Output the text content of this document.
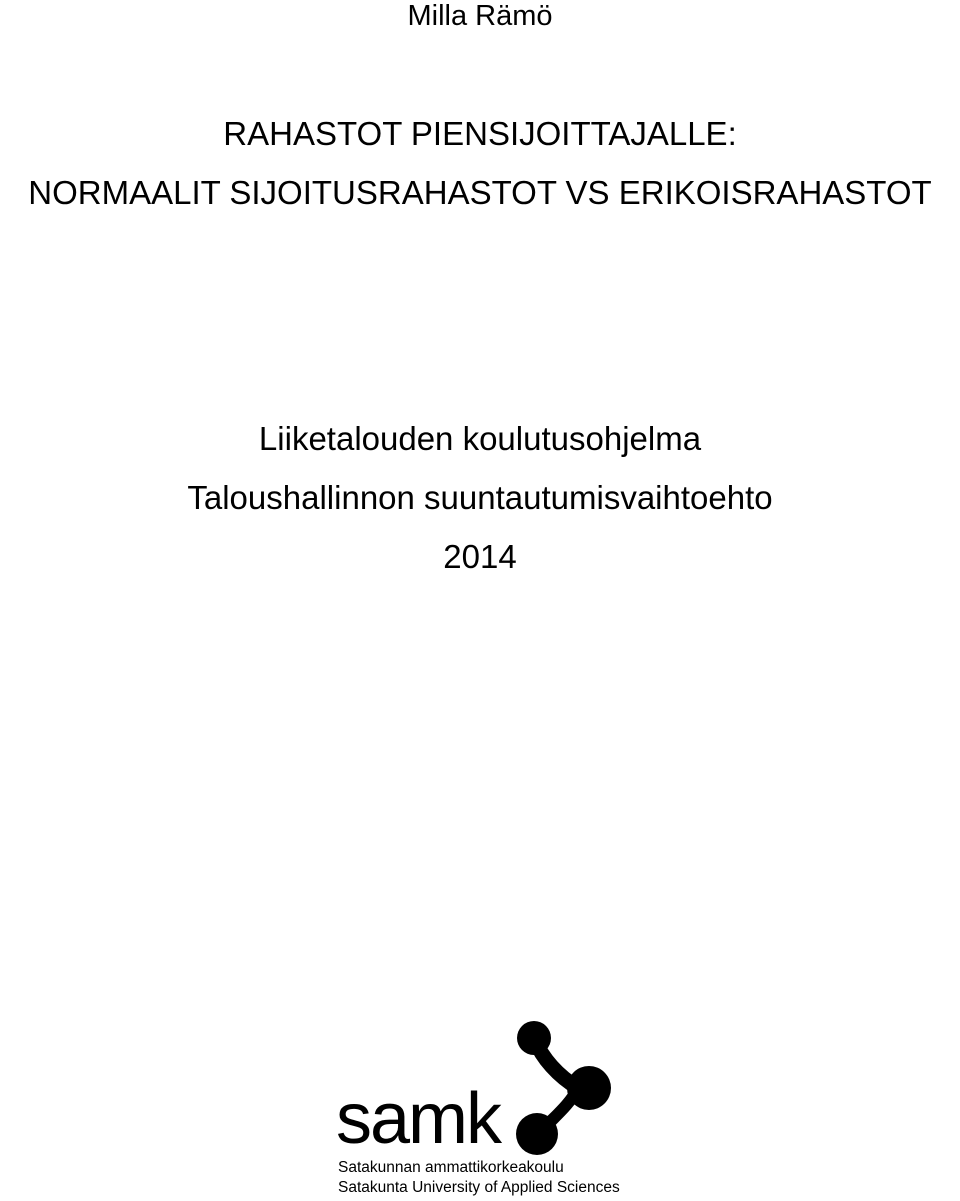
Milla Rämö
RAHASTOT PIENSIJOITTAJALLE:
NORMAALIT SIJOITUSRAHASTOT VS ERIKOISRAHASTOT
Liiketalouden koulutusohjelma
Taloushallinnon suuntautumisvaihtoehto
2014
samk
Satakunnan ammattikorkeakoulu
Satakunta University of Applied Sciences
